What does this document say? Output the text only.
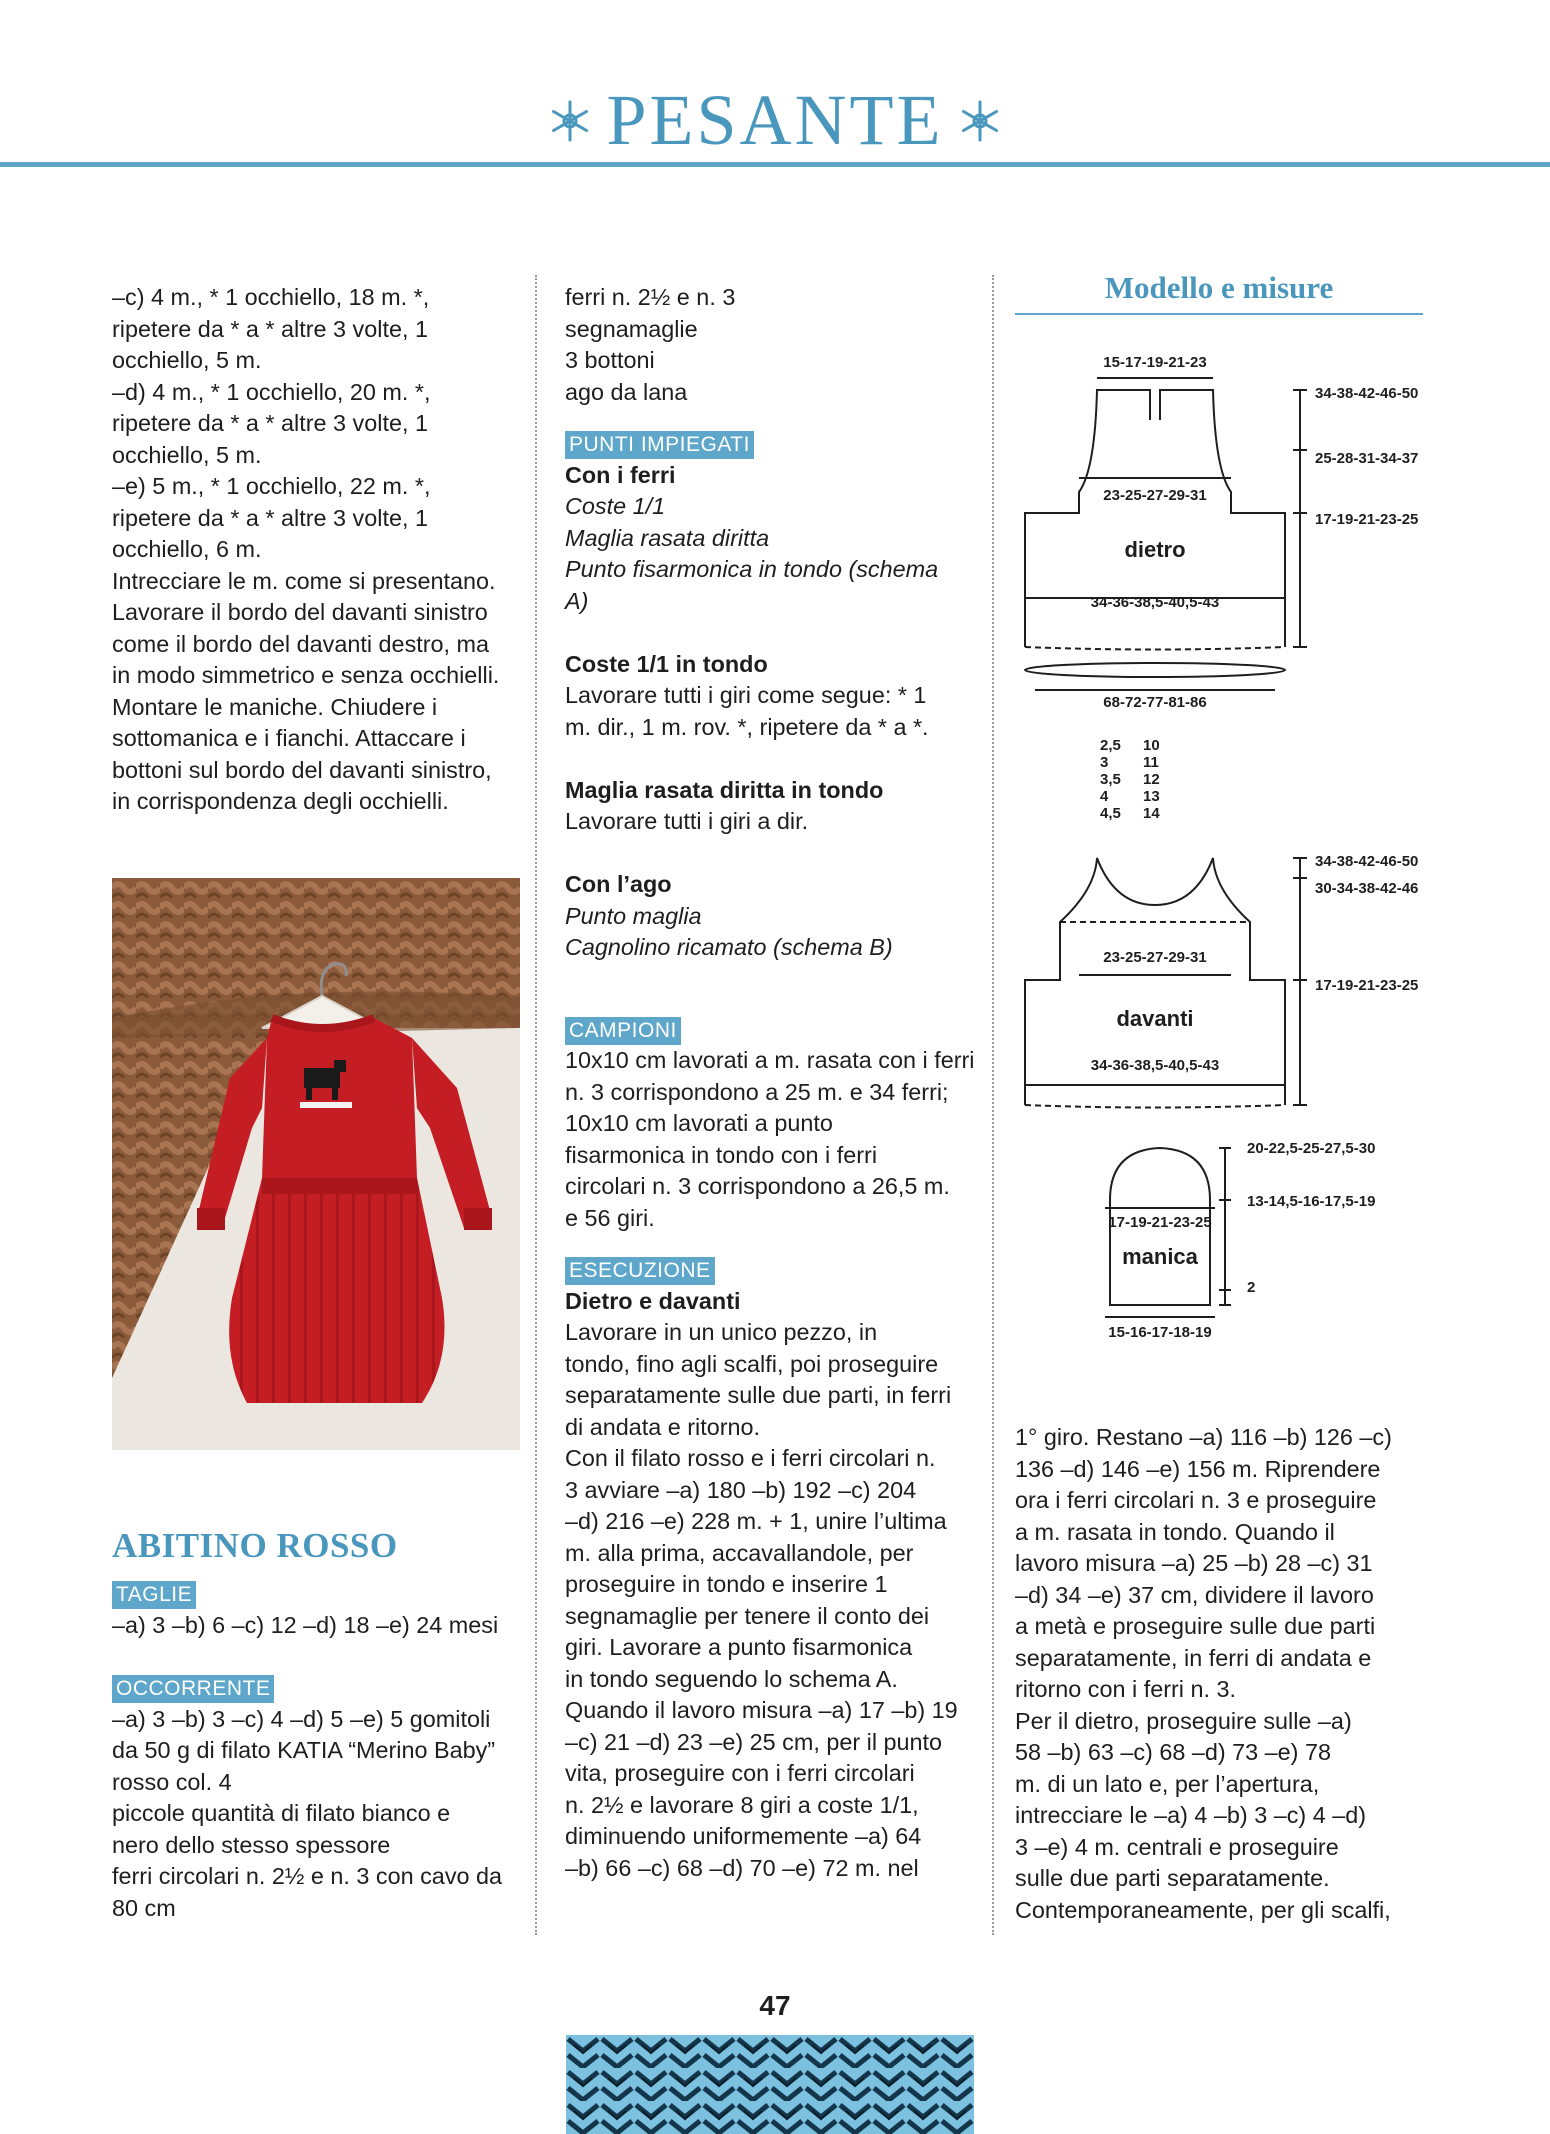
PESANTE

–c) 4 m., * 1 occhiello, 18 m. *,

ripetere da * a * altre 3 volte, 1

occhiello, 5 m.

–d) 4 m., * 1 occhiello, 20 m. *,

ripetere da * a * altre 3 volte, 1

occhiello, 5 m.

–e) 5 m., * 1 occhiello, 22 m. *,

ripetere da * a * altre 3 volte, 1

occhiello, 6 m.

Intrecciare le m. come si presentano.

Lavorare il bordo del davanti sinistro

come il bordo del davanti destro, ma

in modo simmetrico e senza occhielli.

Montare le maniche. Chiudere i

sottomanica e i fianchi. Attaccare i

bottoni sul bordo del davanti sinistro,

in corrispondenza degli occhielli.

ABITINO ROSSO
TAGLIE

–a) 3 –b) 6 –c) 12 –d) 18 –e) 24 mesi

OCCORRENTE

–a) 3 –b) 3 –c) 4 –d) 5 –e) 5 gomitoli

da 50 g di filato KATIA “Merino Baby”

rosso col. 4

piccole quantità di filato bianco e

nero dello stesso spessore

ferri circolari n. 2½ e n. 3 con cavo da

80 cm

ferri n. 2½ e n. 3

segnamaglie

3 bottoni

ago da lana

PUNTI IMPIEGATI

Con i ferri

Coste 1/1

Maglia rasata diritta

Punto fisarmonica in tondo (schema

A)

Coste 1/1 in tondo

Lavorare tutti i giri come segue: * 1

m. dir., 1 m. rov. *, ripetere da * a *.

Maglia rasata diritta in tondo

Lavorare tutti i giri a dir.

Con l’ago

Punto maglia

Cagnolino ricamato (schema B)

CAMPIONI

10x10 cm lavorati a m. rasata con i ferri

n. 3 corrispondono a 25 m. e 34 ferri;

10x10 cm lavorati a punto

fisarmonica in tondo con i ferri

circolari n. 3 corrispondono a 26,5 m.

e 56 giri.

ESECUZIONE

Dietro e davanti

Lavorare in un unico pezzo, in

tondo, fino agli scalfi, poi proseguire

separatamente sulle due parti, in ferri

di andata e ritorno.

Con il filato rosso e i ferri circolari n.

3 avviare –a) 180 –b) 192 –c) 204

–d) 216 –e) 228 m. + 1, unire l’ultima

m. alla prima, accavallandole, per

proseguire in tondo e inserire 1

segnamaglie per tenere il conto dei

giri. Lavorare a punto fisarmonica

in tondo seguendo lo schema A.

Quando il lavoro misura –a) 17 –b) 19

–c) 21 –d) 23 –e) 25 cm, per il punto

vita, proseguire con i ferri circolari

n. 2½ e lavorare 8 giri a coste 1/1,

diminuendo uniformemente –a) 64

–b) 66 –c) 68 –d) 70 –e) 72 m. nel

Modello e misure
15-17-19-21-23
34-38-42-46-50
25-28-31-34-37
17-19-21-23-25
23-25-27-29-31
dietro
34-36-38,5-40,5-43
68-72-77-81-86
2,5 10
3 11
3,5 12
4 13
4,5 14
34-38-42-46-50
30-34-38-42-46
17-19-21-23-25
23-25-27-29-31
davanti
34-36-38,5-40,5-43
20-22,5-25-27,5-30
13-14,5-16-17,5-19
2
17-19-21-23-25
manica
15-16-17-18-19

1° giro. Restano –a) 116 –b) 126 –c)

136 –d) 146 –e) 156 m. Riprendere

ora i ferri circolari n. 3 e proseguire

a m. rasata in tondo. Quando il

lavoro misura –a) 25 –b) 28 –c) 31

–d) 34 –e) 37 cm, dividere il lavoro

a metà e proseguire sulle due parti

separatamente, in ferri di andata e

ritorno con i ferri n. 3.

Per il dietro, proseguire sulle –a)

58 –b) 63 –c) 68 –d) 73 –e) 78

m. di un lato e, per l’apertura,

intrecciare le –a) 4 –b) 3 –c) 4 –d)

3 –e) 4 m. centrali e proseguire

sulle due parti separatamente.

Contemporaneamente, per gli scalfi,

47
